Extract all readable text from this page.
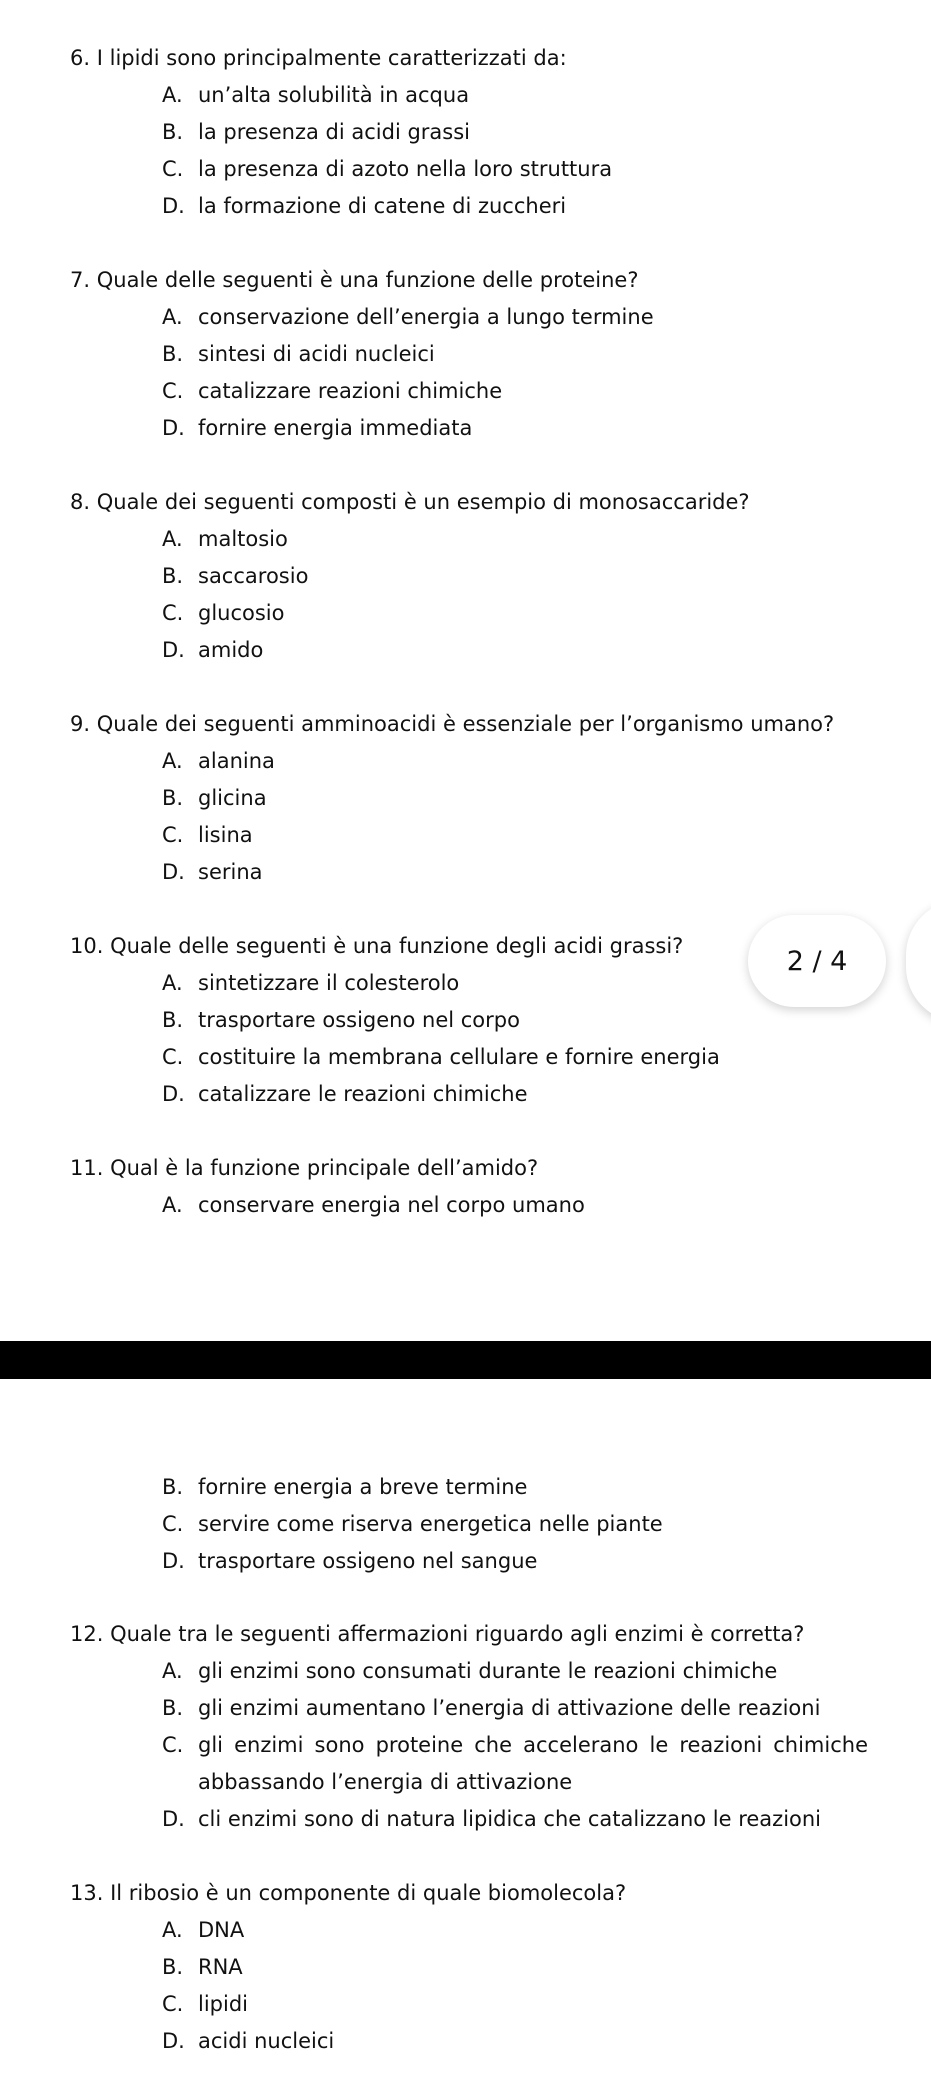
6. I lipidi sono principalmente caratterizzati da:
A. un’alta solubilità in acqua
B. la presenza di acidi grassi
C. la presenza di azoto nella loro struttura
D. la formazione di catene di zuccheri
7. Quale delle seguenti è una funzione delle proteine?
A. conservazione dell’energia a lungo termine
B. sintesi di acidi nucleici
C. catalizzare reazioni chimiche
D. fornire energia immediata
8. Quale dei seguenti composti è un esempio di monosaccaride?
A. maltosio
B. saccarosio
C. glucosio
D. amido
9. Quale dei seguenti amminoacidi è essenziale per l’organismo umano?
A. alanina
B. glicina
C. lisina
D. serina
10. Quale delle seguenti è una funzione degli acidi grassi?
A. sintetizzare il colesterolo
B. trasportare ossigeno nel corpo
C. costituire la membrana cellulare e fornire energia
D. catalizzare le reazioni chimiche
2 / 4
11. Qual è la funzione principale dell’amido?
A. conservare energia nel corpo umano
B. fornire energia a breve termine
C. servire come riserva energetica nelle piante
D. trasportare ossigeno nel sangue
12. Quale tra le seguenti affermazioni riguardo agli enzimi è corretta?
A. gli enzimi sono consumati durante le reazioni chimiche
B. gli enzimi aumentano l’energia di attivazione delle reazioni
C. gli enzimi sono proteine che accelerano le reazioni chimiche abbassando l’energia di attivazione
D. cli enzimi sono di natura lipidica che catalizzano le reazioni
13. Il ribosio è un componente di quale biomolecola?
A. DNA
B. RNA
C. lipidi
D. acidi nucleici
